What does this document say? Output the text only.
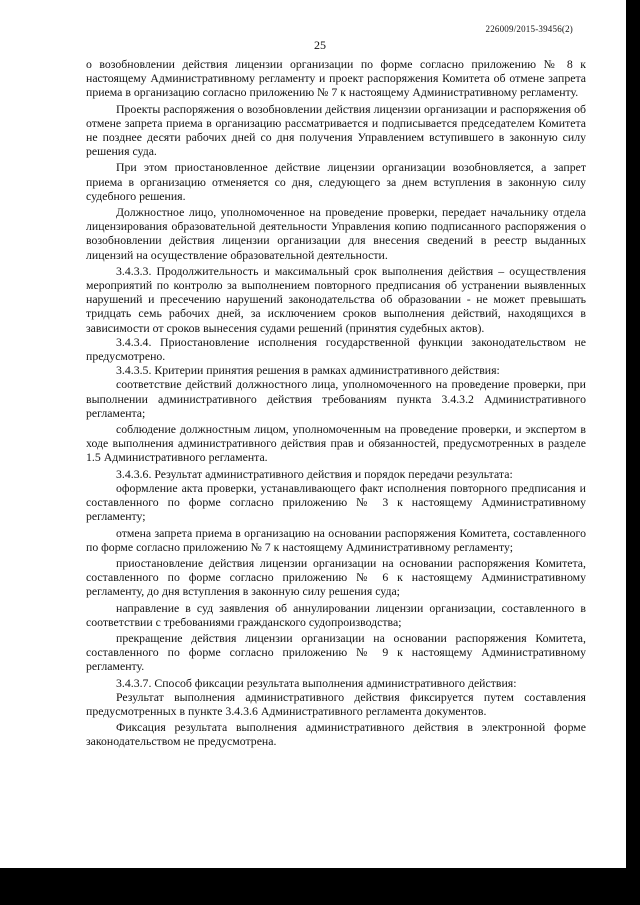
226009/2015-39456(2)
25

о возобновлении действия лицензии организации по форме согласно приложению № 8 к настоящему Административному регламенту и проект распоряжения Комитета об отмене запрета приема в организацию согласно приложению № 7 к настоящему Административному регламенту.

Проекты распоряжения о возобновлении действия лицензии организации и распоряжения об отмене запрета приема в организацию рассматривается и подписывается председателем Комитета не позднее десяти рабочих дней со дня получения Управлением вступившего в законную силу решения суда.

При этом приостановленное действие лицензии организации возобновляется, а запрет приема в организацию отменяется со дня, следующего за днем вступления в законную силу судебного решения.

Должностное лицо, уполномоченное на проведение проверки, передает начальнику отдела лицензирования образовательной деятельности Управления копию подписанного распоряжения о возобновлении действия лицензии организации для внесения сведений в реестр выданных лицензий на осуществление образовательной деятельности.

3.4.3.3. Продолжительность и максимальный срок выполнения действия – осуществления мероприятий по контролю за выполнением повторного предписания об устранении выявленных нарушений и пресечению нарушений законодательства об образовании - не может превышать тридцать семь рабочих дней, за исключением сроков выполнения действий, находящихся в зависимости от сроков вынесения судами решений (принятия судебных актов).

3.4.3.4. Приостановление исполнения государственной функции законодательством не предусмотрено.

3.4.3.5. Критерии принятия решения в рамках административного действия:

соответствие действий должностного лица, уполномоченного на проведение проверки, при выполнении административного действия требованиям пункта 3.4.3.2 Административного регламента;

соблюдение должностным лицом, уполномоченным на проведение проверки, и экспертом в ходе выполнения административного действия прав и обязанностей, предусмотренных в разделе 1.5 Административного регламента.

3.4.3.6. Результат административного действия и порядок передачи результата:

оформление акта проверки, устанавливающего факт исполнения повторного предписания и составленного по форме согласно приложению № 3 к настоящему Административному регламенту;

отмена запрета приема в организацию на основании распоряжения Комитета, составленного по форме согласно приложению № 7 к настоящему Административному регламенту;

приостановление действия лицензии организации на основании распоряжения Комитета, составленного по форме согласно приложению № 6 к настоящему Административному регламенту, до дня вступления в законную силу решения суда;

направление в суд заявления об аннулировании лицензии организации, составленного в соответствии с требованиями гражданского судопроизводства;

прекращение действия лицензии организации на основании распоряжения Комитета, составленного по форме согласно приложению № 9 к настоящему Административному регламенту.

3.4.3.7. Способ фиксации результата выполнения административного действия:

Результат выполнения административного действия фиксируется путем составления предусмотренных в пункте 3.4.3.6 Административного регламента документов.

Фиксация результата выполнения административного действия в электронной форме законодательством не предусмотрена.
